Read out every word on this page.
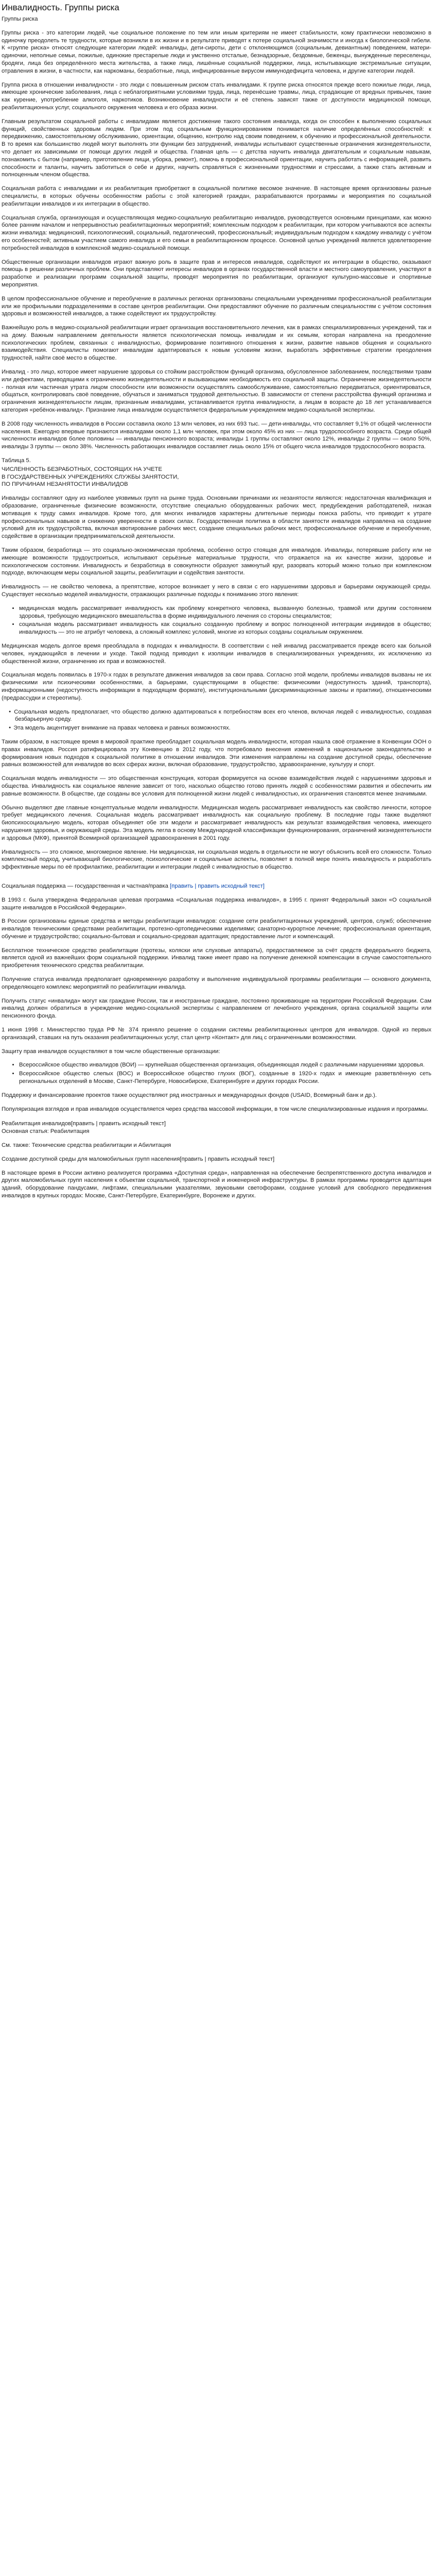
Инвалидность. Группы риска
Группы риска

Группы риска - это категории людей, чье социальное положение по тем или иным критериям не имеет стабильности, кому практически невозможно в одиночку преодолеть те трудности, которые возникли в их жизни и в результате приводят к потере социальной значимости и иногда к биологической гибели. К «группе риска» относят следующие категории людей: инвалиды, дети-сироты, дети с отклоняющимся (социальным, девиантным) поведением, матери-одиночки, неполные семьи, пожилые, одинокие престарелые люди и умственно отсталые, безнадзорные, бездомные, беженцы, вынужденные переселенцы, бродяги, лица без определённого места жительства, а также лица, лишённые социальной поддержки, лица, испытывающие экстремальные ситуации, отравления в жизни, в частности, как наркоманы, безработные, лица, инфицированные вирусом иммунодефицита человека, и другие категории людей.

Группа риска в отношении инвалидности - это люди с повышенным риском стать инвалидами. К группе риска относятся прежде всего пожилые люди, лица, имеющие хронические заболевания, лица с неблагоприятными условиями труда, лица, перенёсшие травмы, лица, страдающие от вредных привычек, такие как курение, употребление алкоголя, наркотиков. Возникновение инвалидности и её степень зависят также от доступности медицинской помощи, реабилитационных услуг, социального окружения человека и его образа жизни.

Главным результатом социальной работы с инвалидами является достижение такого состояния инвалида, когда он способен к выполнению социальных функций, свойственных здоровым людям. При этом под социальным функционированием понимается наличие определённых способностей: к передвижению, самостоятельному обслуживанию, ориентации, общению, контролю над своим поведением, к обучению и профессиональной деятельности. В то время как большинство людей могут выполнять эти функции без затруднений, инвалиды испытывают существенные ограничения жизнедеятельности, что делает их зависимыми от помощи других людей и общества. Главная цель — с детства научить инвалида двигательным и социальным навыкам, познакомить с бытом (например, приготовление пищи, уборка, ремонт), помочь в профессиональной ориентации, научить работать с информацией, развить способности и таланты, научить заботиться о себе и других, научить справляться с жизненными трудностями и стрессами, а также стать активным и полноценным членом общества.

Социальная работа с инвалидами и их реабилитация приобретают в социальной политике весомое значение. В настоящее время организованы разные специалисты, в которых обучены особенностям работы с этой категорией граждан, разрабатываются программы и мероприятия по социальной реабилитации инвалидов и их интеграции в общество.

Социальная служба, организующая и осуществляющая медико-социальную реабилитацию инвалидов, руководствуется основными принципами, как можно более ранним началом и непрерывностью реабилитационных мероприятий; комплексным подходом к реабилитации, при котором учитываются все аспекты жизни инвалида: медицинский, психологический, социальный, педагогический, профессиональный; индивидуальным подходом к каждому инвалиду с учётом его особенностей; активным участием самого инвалида и его семьи в реабилитационном процессе. Основной целью учреждений является удовлетворение потребностей инвалидов в комплексной медико-социальной помощи.

Общественные организации инвалидов играют важную роль в защите прав и интересов инвалидов, содействуют их интеграции в общество, оказывают помощь в решении различных проблем. Они представляют интересы инвалидов в органах государственной власти и местного самоуправления, участвуют в разработке и реализации программ социальной защиты, проводят мероприятия по реабилитации, организуют культурно-массовые и спортивные мероприятия.

В целом профессиональное обучение и переобучение в различных регионах организованы специальными учреждениями профессиональной реабилитации или же профильными подразделениями в составе центров реабилитации. Они предоставляют обучение по различным специальностям с учётом состояния здоровья и возможностей инвалидов, а также содействуют их трудоустройству.

Важнейшую роль в медико-социальной реабилитации играет организация восстановительного лечения, как в рамках специализированных учреждений, так и на дому. Важным направлением деятельности является психологическая помощь инвалидам и их семьям, которая направлена на преодоление психологических проблем, связанных с инвалидностью, формирование позитивного отношения к жизни, развитие навыков общения и социального взаимодействия. Специалисты помогают инвалидам адаптироваться к новым условиям жизни, выработать эффективные стратегии преодоления трудностей, найти своё место в обществе.

Инвалид - это лицо, которое имеет нарушение здоровья со стойким расстройством функций организма, обусловленное заболеванием, последствиями травм или дефектами, приводящими к ограничению жизнедеятельности и вызывающими необходимость его социальной защиты. Ограничение жизнедеятельности - полная или частичная утрата лицом способности или возможности осуществлять самообслуживание, самостоятельно передвигаться, ориентироваться, общаться, контролировать своё поведение, обучаться и заниматься трудовой деятельностью. В зависимости от степени расстройства функций организма и ограничения жизнедеятельности лицам, признанным инвалидами, устанавливается группа инвалидности, а лицам в возрасте до 18 лет устанавливается категория «ребёнок-инвалид». Признание лица инвалидом осуществляется федеральным учреждением медико-социальной экспертизы.

В 2008 году численность инвалидов в России составила около 13 млн человек, из них 693 тыс. — дети-инвалиды, что составляет 9,1% от общей численности населения. Ежегодно впервые признаются инвалидами около 1,1 млн человек, при этом около 45% из них — лица трудоспособного возраста. Среди общей численности инвалидов более половины — инвалиды пенсионного возраста; инвалиды 1 группы составляют около 12%, инвалиды 2 группы — около 50%, инвалиды 3 группы — около 38%. Численность работающих инвалидов составляет лишь около 15% от общего числа инвалидов трудоспособного возраста.

Таблица 5.

ЧИСЛЕННОСТЬ БЕЗРАБОТНЫХ, СОСТОЯЩИХ НА УЧЕТЕ

В ГОСУДАРСТВЕННЫХ УЧРЕЖДЕНИЯХ СЛУЖБЫ ЗАНЯТОСТИ,

ПО ПРИЧИНАМ НЕЗАНЯТОСТИ ИНВАЛИДОВ

Инвалиды составляют одну из наиболее уязвимых групп на рынке труда. Основными причинами их незанятости являются: недостаточная квалификация и образование, ограниченные физические возможности, отсутствие специально оборудованных рабочих мест, предубеждения работодателей, низкая мотивация к труду самих инвалидов. Кроме того, для многих инвалидов характерны длительные периоды поиска работы, что приводит к утрате профессиональных навыков и снижению уверенности в своих силах. Государственная политика в области занятости инвалидов направлена на создание условий для их трудоустройства, включая квотирование рабочих мест, создание специальных рабочих мест, профессиональное обучение и переобучение, содействие в организации предпринимательской деятельности.

Таким образом, безработица — это социально-экономическая проблема, особенно остро стоящая для инвалидов. Инвалиды, потерявшие работу или не имеющие возможности трудоустроиться, испытывают серьёзные материальные трудности, что отражается на их качестве жизни, здоровье и психологическом состоянии. Инвалидность и безработица в совокупности образуют замкнутый круг, разорвать который можно только при комплексном подходе, включающем меры социальной защиты, реабилитации и содействия занятости.

Инвалидность — не свойство человека, а препятствие, которое возникает у него в связи с его нарушениями здоровья и барьерами окружающей среды. Существует несколько моделей инвалидности, отражающих различные подходы к пониманию этого явления:

• медицинская модель рассматривает инвалидность как проблему конкретного человека, вызванную болезнью, травмой или другим состоянием здоровья, требующую медицинского вмешательства в форме индивидуального лечения со стороны специалистов;
• социальная модель рассматривает инвалидность как социально созданную проблему и вопрос полноценной интеграции индивидов в общество; инвалидность — это не атрибут человека, а сложный комплекс условий, многие из которых созданы социальным окружением.

Медицинская модель долгое время преобладала в подходах к инвалидности. В соответствии с ней инвалид рассматривается прежде всего как больной человек, нуждающийся в лечении и уходе. Такой подход приводил к изоляции инвалидов в специализированных учреждениях, их исключению из общественной жизни, ограничению их прав и возможностей.

Социальная модель появилась в 1970-х годах в результате движения инвалидов за свои права. Согласно этой модели, проблемы инвалидов вызваны не их физическими или психическими особенностями, а барьерами, существующими в обществе: физическими (недоступность зданий, транспорта), информационными (недоступность информации в подходящем формате), институциональными (дискриминационные законы и практики), отношенческими (предрассудки и стереотипы).

● Социальная модель предполагает, что общество должно адаптироваться к потребностям всех его членов, включая людей с инвалидностью, создавая безбарьерную среду.
● Эта модель акцентирует внимание на правах человека и равных возможностях.

Таким образом, в настоящее время в мировой практике преобладает социальная модель инвалидности, которая нашла своё отражение в Конвенции ООН о правах инвалидов. Россия ратифицировала эту Конвенцию в 2012 году, что потребовало внесения изменений в национальное законодательство и формирования новых подходов к социальной политике в отношении инвалидов. Эти изменения направлены на создание доступной среды, обеспечение равных возможностей для инвалидов во всех сферах жизни, включая образование, трудоустройство, здравоохранение, культуру и спорт.

Социальная модель инвалидности — это общественная конструкция, которая формируется на основе взаимодействия людей с нарушениями здоровья и общества. Инвалидность как социальное явление зависит от того, насколько общество готово принять людей с особенностями развития и обеспечить им равные возможности. В обществе, где созданы все условия для полноценной жизни людей с инвалидностью, их ограничения становятся менее значимыми.

Обычно выделяют две главные концептуальные модели инвалидности. Медицинская модель рассматривает инвалидность как свойство личности, которое требует медицинского лечения. Социальная модель рассматривает инвалидность как социальную проблему. В последние годы также выделяют биопсихосоциальную модель, которая объединяет обе эти модели и рассматривает инвалидность как результат взаимодействия человека, имеющего нарушения здоровья, и окружающей среды. Эта модель легла в основу Международной классификации функционирования, ограничений жизнедеятельности и здоровья (МКФ), принятой Всемирной организацией здравоохранения в 2001 году.

Инвалидность — это сложное, многомерное явление. Ни медицинская, ни социальная модель в отдельности не могут объяснить всей его сложности. Только комплексный подход, учитывающий биологические, психологические и социальные аспекты, позволяет в полной мере понять инвалидность и разработать эффективные меры по её профилактике, реабилитации и интеграции людей с инвалидностью в общество.

Социальная поддержка — государственная и частная/правка [править | править исходный текст]

В 1993 г. была утверждена Федеральная целевая программа «Социальная поддержка инвалидов», в 1995 г. принят Федеральный закон «О социальной защите инвалидов в Российской Федерации».

В России организованы единые средства и методы реабилитации инвалидов: создание сети реабилитационных учреждений, центров, служб; обеспечение инвалидов техническими средствами реабилитации, протезно-ортопедическими изделиями; санаторно-курортное лечение; профессиональная ориентация, обучение и трудоустройство; социально-бытовая и социально-средовая адаптация; предоставление льгот и компенсаций.

Бесплатное техническое средство реабилитации (протезы, коляски или слуховые аппараты), предоставляемое за счёт средств федерального бюджета, является одной из важнейших форм социальной поддержки. Инвалид также имеет право на получение денежной компенсации в случае самостоятельного приобретения технического средства реабилитации.

Получение статуса инвалида предполагает одновременную разработку и выполнение индивидуальной программы реабилитации — основного документа, определяющего комплекс мероприятий по реабилитации инвалида.

Получить статус «инвалида» могут как граждане России, так и иностранные граждане, постоянно проживающие на территории Российской Федерации. Сам инвалид должен обратиться в учреждение медико-социальной экспертизы с направлением от лечебного учреждения, органа социальной защиты или пенсионного фонда.

1 июня 1998 г. Министерство труда РФ № 374 приняло решение о создании системы реабилитационных центров для инвалидов. Одной из первых организаций, ставших на путь оказания реабилитационных услуг, стал центр «Контакт» для лиц с ограниченными возможностями.

Защиту прав инвалидов осуществляют в том числе общественные организации:

• Всероссийское общество инвалидов (ВОИ) — крупнейшая общественная организация, объединяющая людей с различными нарушениями здоровья.
• Всероссийское общество слепых (ВОС) и Всероссийское общество глухих (ВОГ), созданные в 1920-х годах и имеющие разветвлённую сеть региональных отделений в Москве, Санкт-Петербурге, Новосибирске, Екатеринбурге и других городах России.

Поддержку и финансирование проектов также осуществляют ряд иностранных и международных фондов (USAID, Всемирный банк и др.).

Популяризация взглядов и прав инвалидов осуществляется через средства массовой информации, в том числе специализированные издания и программы.

Реабилитация инвалидов[править | править исходный текст]

Основная статья: Реабилитация

См. также: Технические средства реабилитации и Абилитация

Создание доступной среды для маломобильных групп населения[править | править исходный текст]

В настоящее время в России активно реализуется программа «Доступная среда», направленная на обеспечение беспрепятственного доступа инвалидов и других маломобильных групп населения к объектам социальной, транспортной и инженерной инфраструктуры. В рамках программы проводится адаптация зданий, оборудование пандусами, лифтами, специальными указателями, звуковыми светофорами, создание условий для свободного передвижения инвалидов в крупных городах: Москве, Санкт-Петербурге, Екатеринбурге, Воронеже и других.
